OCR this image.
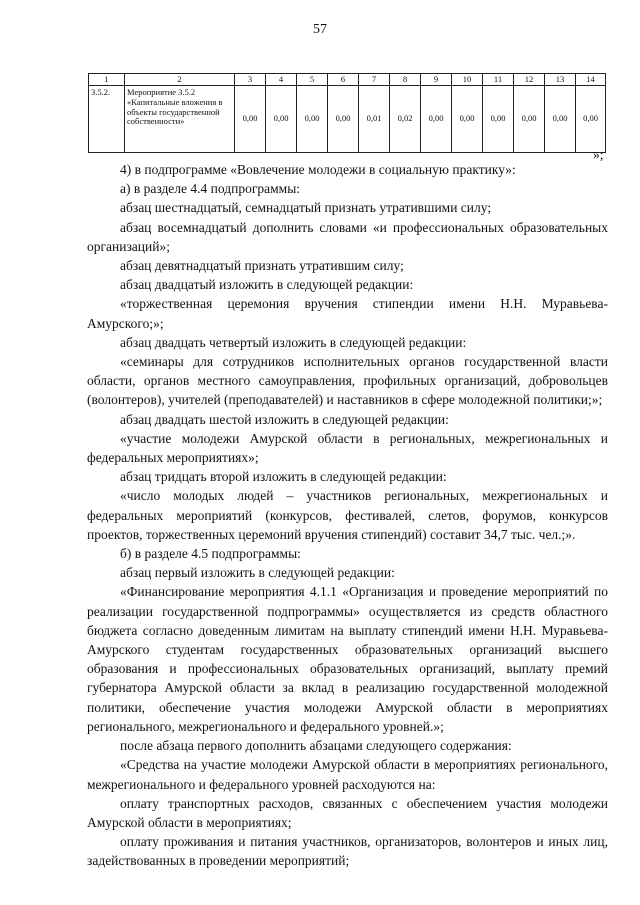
57
1	2	3	4	5	6	7	8	9	10	11	12	13	14
3.5.2.	Мероприятие 3.5.2 «Капитальные вложения в объекты государственной собственности»	0,00	0,00	0,00	0,00	0,01	0,02	0,00	0,00	0,00	0,00	0,00	0,00
»;

4) в подпрограмме «Вовлечение молодежи в социальную практику»:

а) в разделе 4.4 подпрограммы:

абзац шестнадцатый, семнадцатый признать утратившими силу;

абзац восемнадцатый дополнить словами «и профессиональных образовательных организаций»;

абзац девятнадцатый признать утратившим силу;

абзац двадцатый изложить в следующей редакции:

«торжественная церемония вручения стипендии имени Н.Н. Муравьева-Амурского;»;

абзац двадцать четвертый изложить в следующей редакции:

«семинары для сотрудников исполнительных органов государственной власти области, органов местного самоуправления, профильных организаций, добровольцев (волонтеров), учителей (преподавателей) и наставников в сфере молодежной политики;»;

абзац двадцать шестой изложить в следующей редакции:

«участие молодежи Амурской области в региональных, межрегиональных и федеральных мероприятиях»;

абзац тридцать второй изложить в следующей редакции:

«число молодых людей – участников региональных, межрегиональных и федеральных мероприятий (конкурсов, фестивалей, слетов, форумов, конкурсов проектов, торжественных церемоний вручения стипендий) составит 34,7 тыс. чел.;».

б) в разделе 4.5 подпрограммы:

абзац первый изложить в следующей редакции:

«Финансирование мероприятия 4.1.1 «Организация и проведение мероприятий по реализации государственной подпрограммы» осуществляется из средств областного бюджета согласно доведенным лимитам на выплату стипендий имени Н.Н. Муравьева-Амурского студентам государственных образовательных организаций высшего образования и профессиональных образовательных организаций, выплату премий губернатора Амурской области за вклад в реализацию государственной молодежной политики, обеспечение участия молодежи Амурской области в мероприятиях регионального, межрегионального и федерального уровней.»;

после абзаца первого дополнить абзацами следующего содержания:

«Средства на участие молодежи Амурской области в мероприятиях регионального, межрегионального и федерального уровней расходуются на:

оплату транспортных расходов, связанных с обеспечением участия молодежи Амурской области в мероприятиях;

оплату проживания и питания участников, организаторов, волонтеров и иных лиц, задействованных в проведении мероприятий;
